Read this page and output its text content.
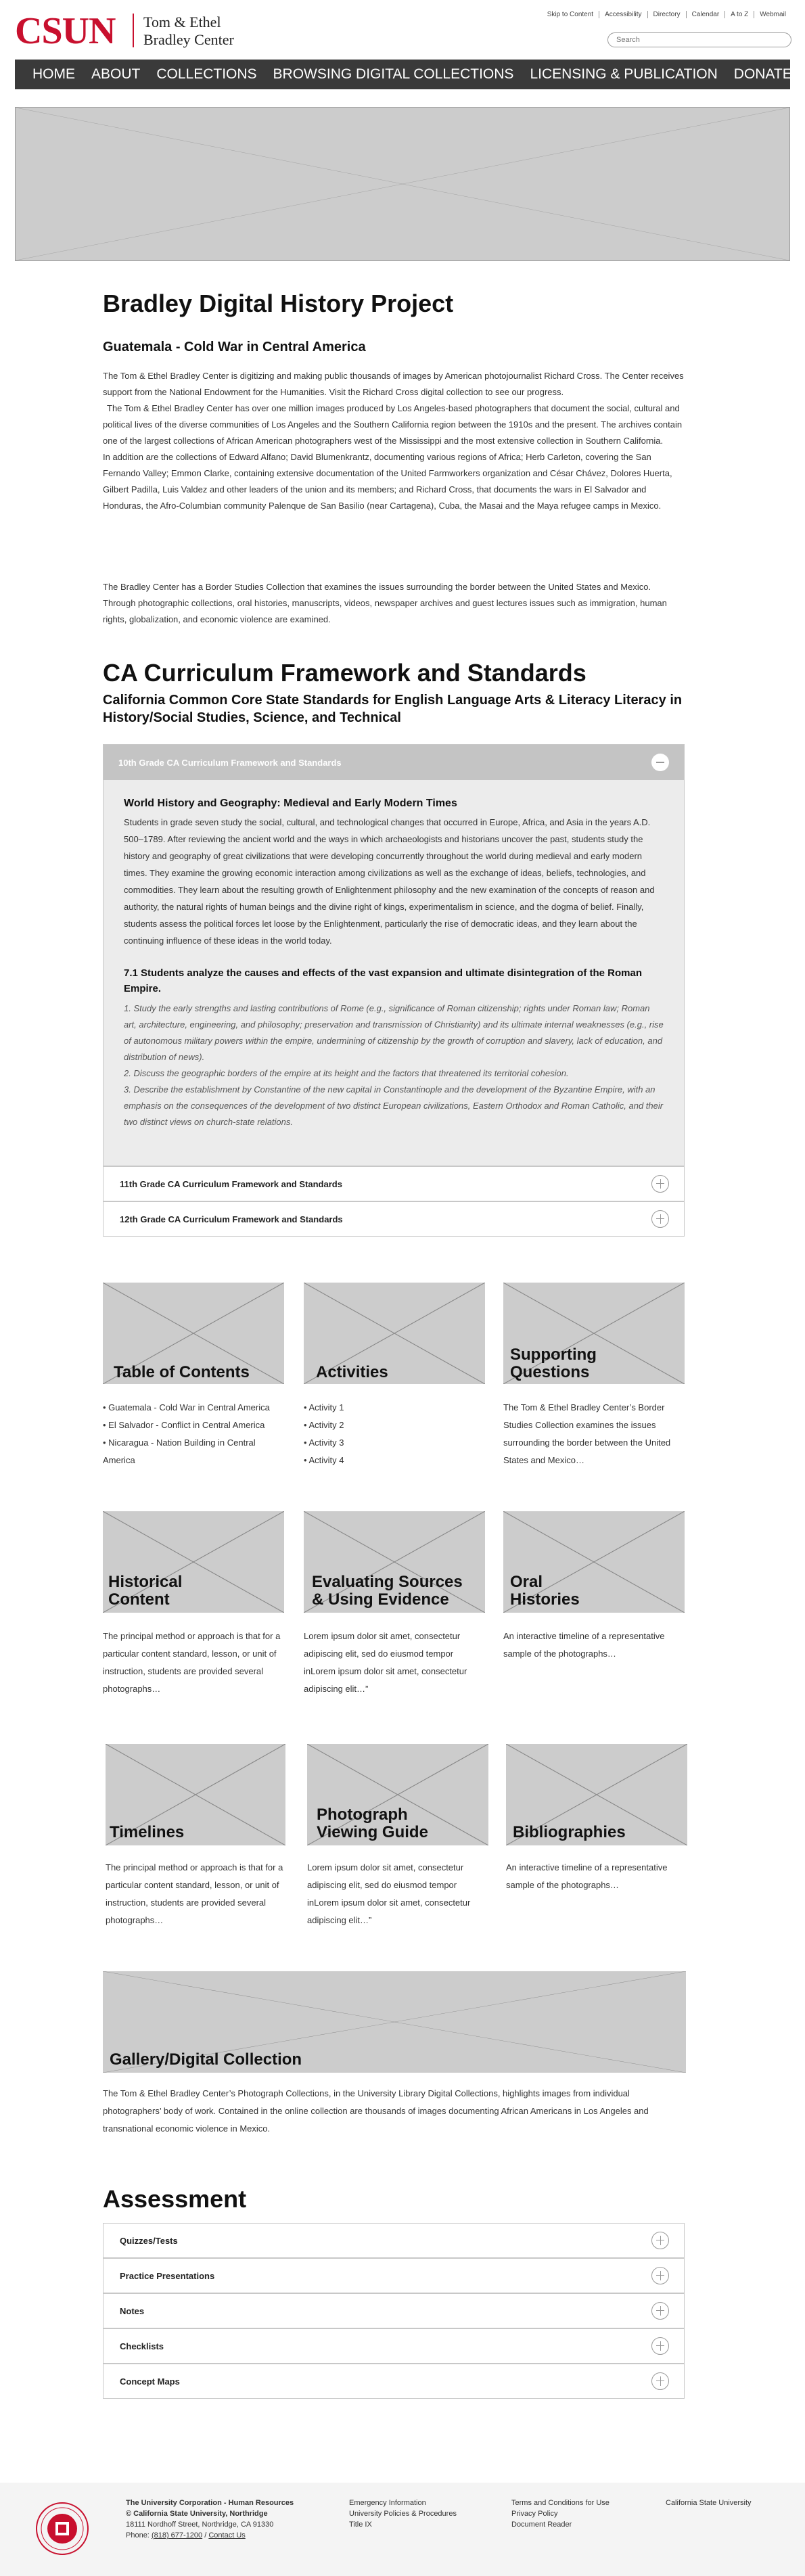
CSUN Tom & Ethel
Bradley Center
Skip to Content	Accessibility	Directory	Calendar	A to Z	Webmail
Search
HOME	ABOUT	COLLECTIONS	BROWSING DIGITAL COLLECTIONS	LICENSING & PUBLICATION	DONATE
Bradley Digital History Project
Guatemala - Cold War in Central America

The Tom & Ethel Bradley Center is digitizing and making public thousands of images by American photojournalist Richard Cross. The Center receives support from the National Endowment for the Humanities. Visit the Richard Cross digital collection to see our progress.

The Tom & Ethel Bradley Center has over one million images produced by Los Angeles-based photographers that document the social, cultural and political lives of the diverse communities of Los Angeles and the Southern California region between the 1910s and the present. The archives contain one of the largest collections of African American photographers west of the Mississippi and the most extensive collection in Southern California.

In addition are the collections of Edward Alfano; David Blumenkrantz, documenting various regions of Africa; Herb Carleton, covering the San Fernando Valley; Emmon Clarke, containing extensive documentation of the United Farmworkers organization and César Chávez, Dolores Huerta, Gilbert Padilla, Luis Valdez and other leaders of the union and its members; and Richard Cross, that documents the wars in El Salvador and Honduras, the Afro-Columbian community Palenque de San Basilio (near Cartagena), Cuba, the Masai and the Maya refugee camps in Mexico.

The Bradley Center has a Border Studies Collection that examines the issues surrounding the border between the United States and Mexico. Through photographic collections, oral histories, manuscripts, videos, newspaper archives and guest lectures issues such as immigration, human rights, globalization, and economic violence are examined.

CA Curriculum Framework and Standards
California Common Core State Standards for English Language Arts & Literacy Literacy in History/Social Studies, Science, and Technical
10th Grade CA Curriculum Framework and Standards
World History and Geography: Medieval and Early Modern Times

Students in grade seven study the social, cultural, and technological changes that occurred in Europe, Africa, and Asia in the years A.D. 500–1789. After reviewing the ancient world and the ways in which archaeologists and historians uncover the past, students study the history and geography of great civilizations that were developing concurrently throughout the world during medieval and early modern times. They examine the growing economic interaction among civilizations as well as the exchange of ideas, beliefs, technologies, and commodities. They learn about the resulting growth of Enlightenment philosophy and the new examination of the concepts of reason and authority, the natural rights of human beings and the divine right of kings, experimentalism in science, and the dogma of belief. Finally, students assess the political forces let loose by the Enlightenment, particularly the rise of democratic ideas, and they learn about the continuing influence of these ideas in the world today.

7.1 Students analyze the causes and effects of the vast expansion and ultimate disintegration of the Roman Empire.
1. Study the early strengths and lasting contributions of Rome (e.g., significance of Roman citizenship; rights under Roman law; Roman art, architecture, engineering, and philosophy; preservation and transmission of Christianity) and its ultimate internal weaknesses (e.g., rise of autonomous military powers within the empire, undermining of citizenship by the growth of corruption and slavery, lack of education, and distribution of news).
2. Discuss the geographic borders of the empire at its height and the factors that threatened its territorial cohesion.
3. Describe the establishment by Constantine of the new capital in Constantinople and the development of the Byzantine Empire, with an emphasis on the consequences of the development of two distinct European civilizations, Eastern Orthodox and Roman Catholic, and their two distinct views on church-state relations.
11th Grade CA Curriculum Framework and Standards
12th Grade CA Curriculum Framework and Standards
Table of Contents
• Guatemala - Cold War in Central America
• El Salvador - Conflict in Central America
• Nicaragua - Nation Building in Central America
Activities
• Activity 1
• Activity 2
• Activity 3
• Activity 4
Supporting
Questions

The Tom & Ethel Bradley Center’s Border Studies Collection examines the issues surrounding the border between the United States and Mexico…

Historical
Content

The principal method or approach is that for a particular content standard, lesson, or unit of instruction, students are provided several photographs…

Evaluating Sources
& Using Evidence

Lorem ipsum dolor sit amet, consectetur adipiscing elit, sed do eiusmod tempor inLorem ipsum dolor sit amet, consectetur adipiscing elit…”

Oral
Histories

An interactive timeline of a representative sample of the photographs…

Timelines

The principal method or approach is that for a particular content standard, lesson, or unit of instruction, students are provided several photographs…

Photograph
Viewing Guide

Lorem ipsum dolor sit amet, consectetur adipiscing elit, sed do eiusmod tempor inLorem ipsum dolor sit amet, consectetur adipiscing elit…”

Bibliographies

An interactive timeline of a representative sample of the photographs…

Gallery/Digital Collection

The Tom & Ethel Bradley Center’s Photograph Collections, in the University Library Digital Collections, highlights images from individual photographers’ body of work. Contained in the online collection are thousands of images documenting African Americans in Los Angeles and transnational economic violence in Mexico.

Assessment
Quizzes/Tests
Practice Presentations
Notes
Checklists
Concept Maps
The University Corporation - Human Resources
© California State University, Northridge
18111 Nordhoff Street, Northridge, CA 91330
Phone: (818) 677-1200 / Contact Us
Emergency Information
University Policies & Procedures
Title IX
Terms and Conditions for Use
Privacy Policy
Document Reader
California State University
